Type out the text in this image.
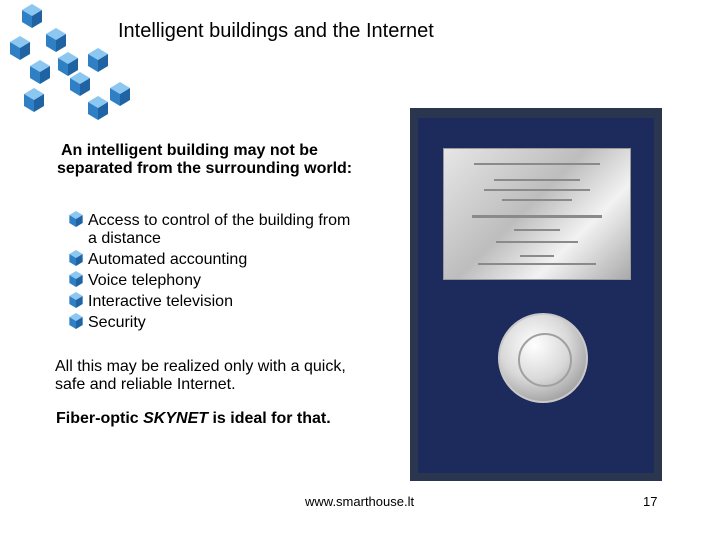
Intelligent buildings and the Internet
An intelligent building may not be separated from the surrounding world:
Access to control of the building from a distance
Automated accounting
Voice telephony
Interactive television
Security
All this may be realized only with a quick, safe and reliable Internet.
Fiber-optic SKYNET is ideal for that.
www.smarthouse.lt	17
